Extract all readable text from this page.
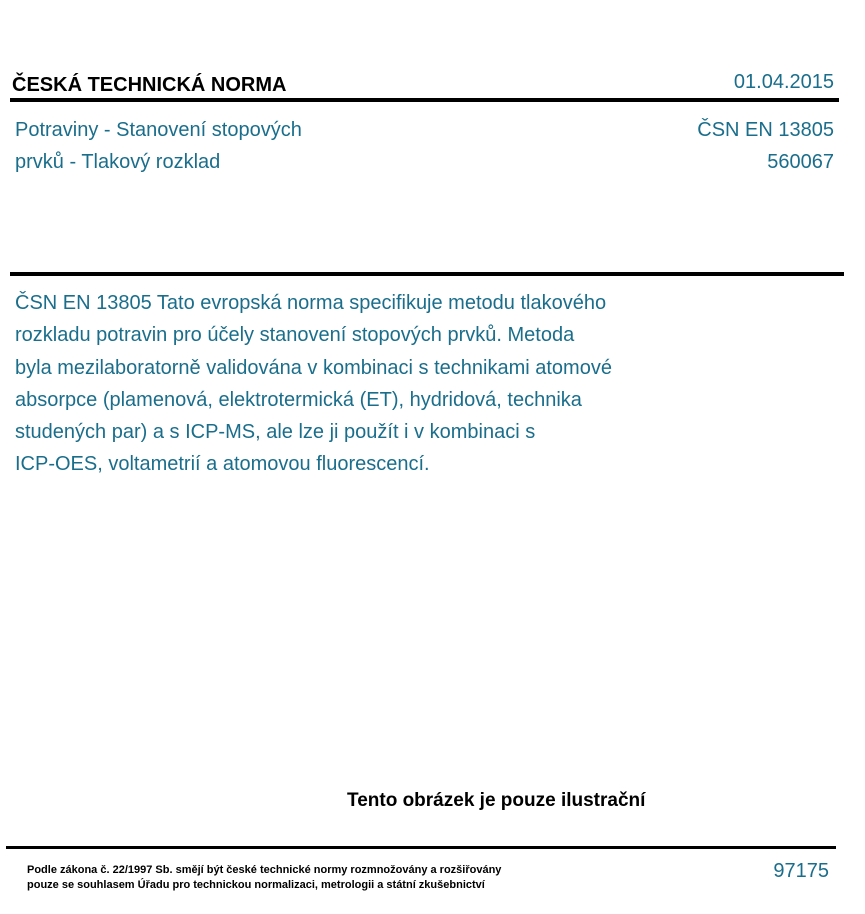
ČESKÁ TECHNICKÁ NORMA	01.04.2015
Potraviny - Stanovení stopových
prvků - Tlakový rozklad
ČSN EN 13805
560067
ČSN EN 13805 Tato evropská norma specifikuje metodu tlakového
rozkladu potravin pro účely stanovení stopových prvků. Metoda
byla mezilaboratorně validována v kombinaci s technikami atomové
absorpce (plamenová, elektrotermická (ET), hydridová, technika
studených par) a s ICP-MS, ale lze ji použít i v kombinaci s
ICP-OES, voltametrií a atomovou fluorescencí.
Tento obrázek je pouze ilustrační
Podle zákona č. 22/1997 Sb. smějí být české technické normy rozmnožovány a rozšiřovány
pouze se souhlasem Úřadu pro technickou normalizaci, metrologii a státní zkušebnictví
97175
